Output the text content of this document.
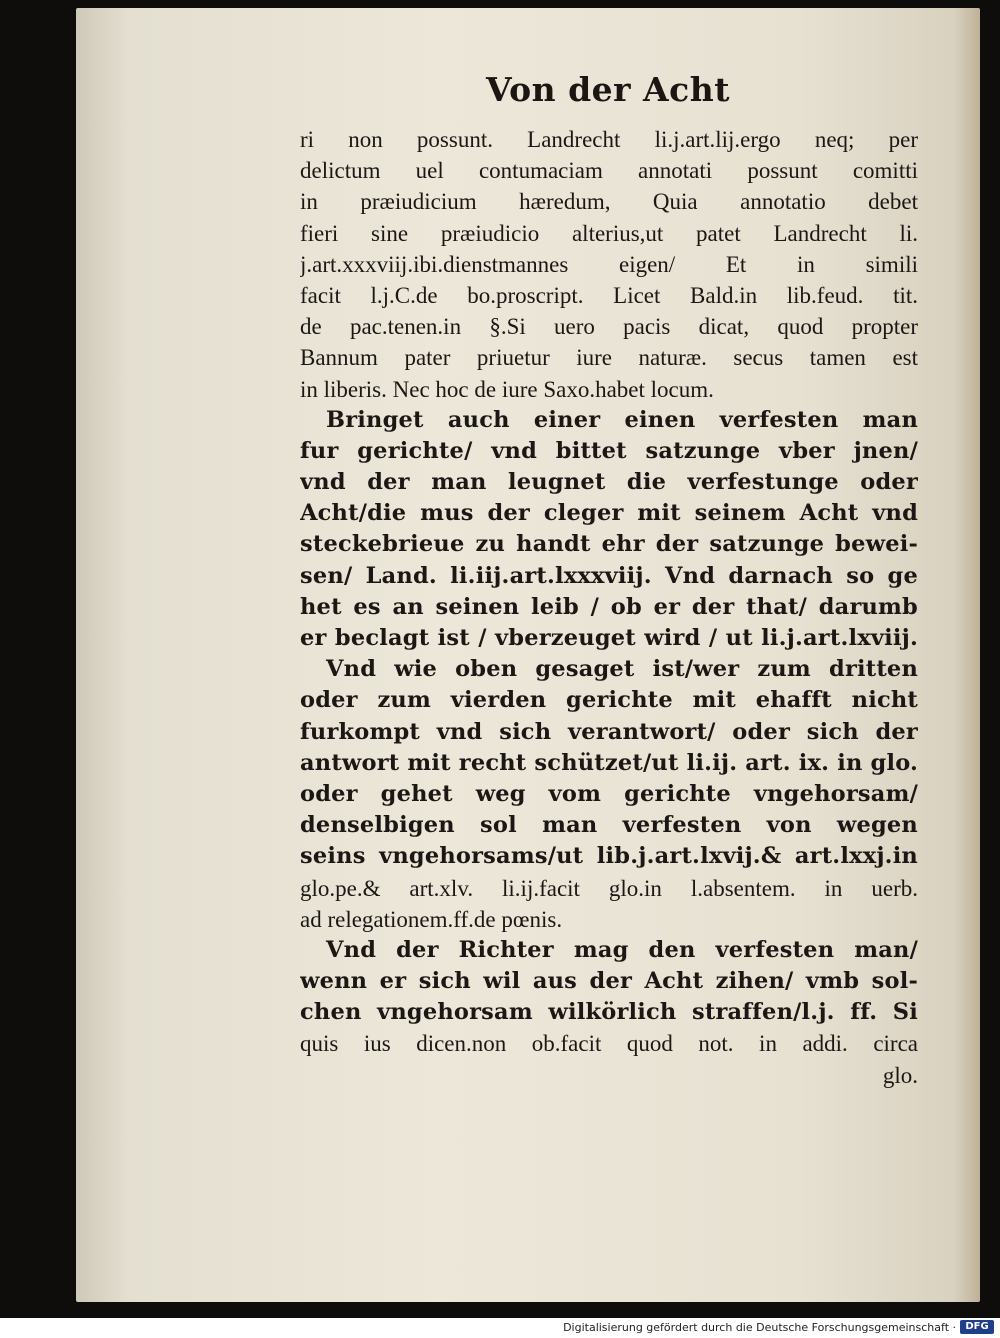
Von der Acht
ri non possunt. Landrecht li.j.art.lij.ergo neq; per
delictum uel contumaciam annotati possunt comitti
in præiudicium hæredum, Quia annotatio debet
fieri sine præiudicio alterius,ut patet Landrecht li.
j.art.xxxviij.ibi.dienstmannes eigen/ Et in simili
facit l.j.C.de bo.proscript. Licet Bald.in lib.feud. tit.
de pac.tenen.in §.Si uero pacis dicat, quod propter
Bannum pater priuetur iure naturæ. secus tamen est
in liberis. Nec hoc de iure Saxo.habet locum.
Bringet auch einer einen verfesten man
fur gerichte/ vnd bittet satzunge vber jnen/
vnd der man leugnet die verfestunge oder
Acht/die mus der cleger mit seinem Acht vnd
steckebrieue zu handt ehr der satzunge bewei-
sen/ Land. li.iij.art.lxxxviij. Vnd darnach so ge
het es an seinen leib / ob er der that/ darumb
er beclagt ist / vberzeuget wird / ut li.j.art.lxviij.
Vnd wie oben gesaget ist/wer zum dritten
oder zum vierden gerichte mit ehafft nicht
furkompt vnd sich verantwort/ oder sich der
antwort mit recht schützet/ut li.ij. art. ix. in glo.
oder gehet weg vom gerichte vngehorsam/
denselbigen sol man verfesten von wegen
seins vngehorsams/ut lib.j.art.lxvij.& art.lxxj.in
glo.pe.& art.xlv. li.ij.facit glo.in l.absentem. in uerb.
ad relegationem.ff.de pœnis.
Vnd der Richter mag den verfesten man/
wenn er sich wil aus der Acht zihen/ vmb sol-
chen vngehorsam wilkörlich straffen/l.j. ff. Si
quis ius dicen.non ob.facit quod not. in addi. circa
glo.
Digitalisierung gefördert durch die Deutsche Forschungsgemeinschaft · DFG
